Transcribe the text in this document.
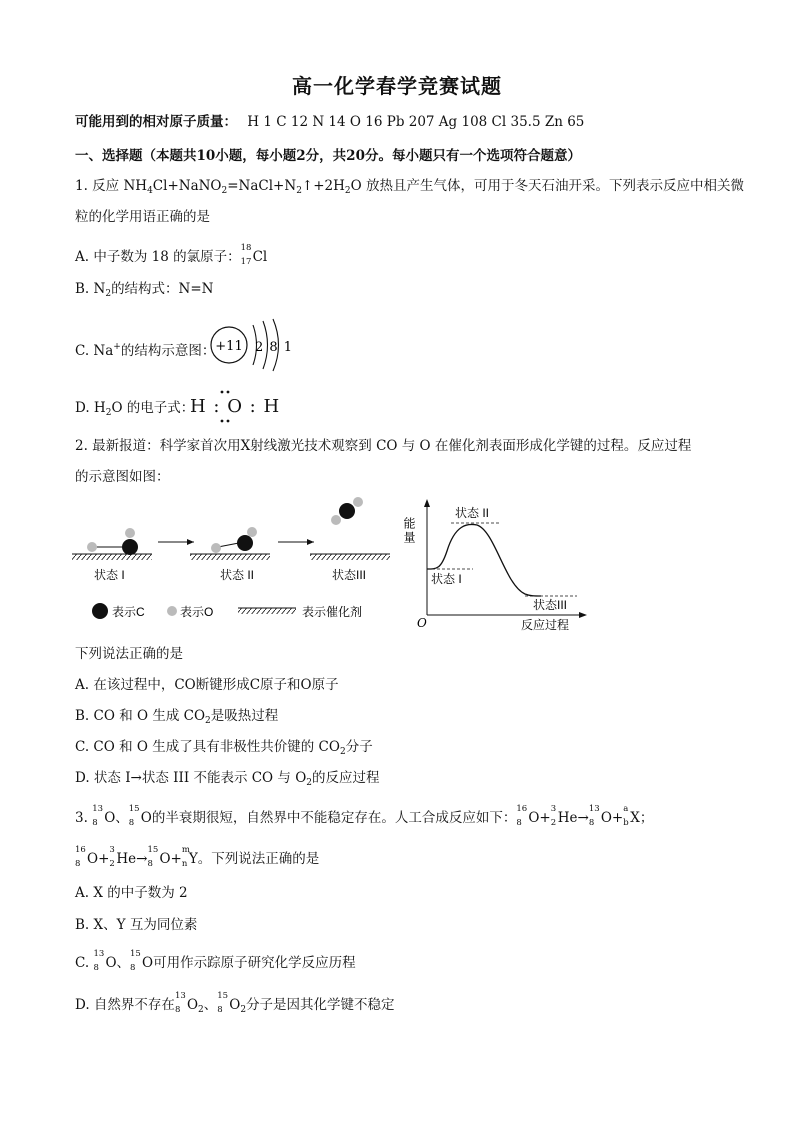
高一化学春学竞赛试题
可能用到的相对原子质量： H 1 C 12 N 14 O 16 Pb 207 Ag 108 Cl 35.5 Zn 65
一、选择题（本题共10小题，每小题2分，共20分。每小题只有一个选项符合题意）
1. 反应 $NH_4Cl+NaNO_2=NaCl+N_2↑+2H_2O$ 放热且产生气体，可用于冬天石油开采。下列表示反应中相关微
粒的化学用语正确的是
A. 中子数为 18 的氯原子：
18
17 Cl
B. $N_2$的结构式：N=N
C. Na+的结构示意图： +11 2 8 1
D. $H_2O$ 的电子式：
H : O : H
2. 最新报道：科学家首次用X射线激光技术观察到 CO 与 O 在催化剂表面形成化学键的过程。反应过程
的示意图如图：
状态 I	状态 II	状态III
表示C	表示O	表示催化剂
能量
O	反应过程
状态 I
状态 II
状态III
下列说法正确的是
A. 在该过程中，CO断键形成C原子和O原子
B. CO 和 O 生成 $CO_2$是吸热过程
C. CO 和 O 生成了具有非极性共价键的 $CO_2$分子
D. 状态 I→状态 III 不能表示 CO 与 $O_2$的反应过程
3.
13
8 O、
15
8 O的半衰期很短，自然界中不能稳定存在。人工合成反应如下：
16
8 O+
3
2 He→
13
8 O+
a
b X；
16
8 O+
3
2 He→
15
8 O+
m
n Y。下列说法正确的是
A. X 的中子数为 2
B. X、Y 互为同位素
C.
13
8 O、
15
8 O可用作示踪原子研究化学反应历程
D. 自然界不存在
13
8 $O_2$、
15
8 $O_2$分子是因其化学键不稳定
